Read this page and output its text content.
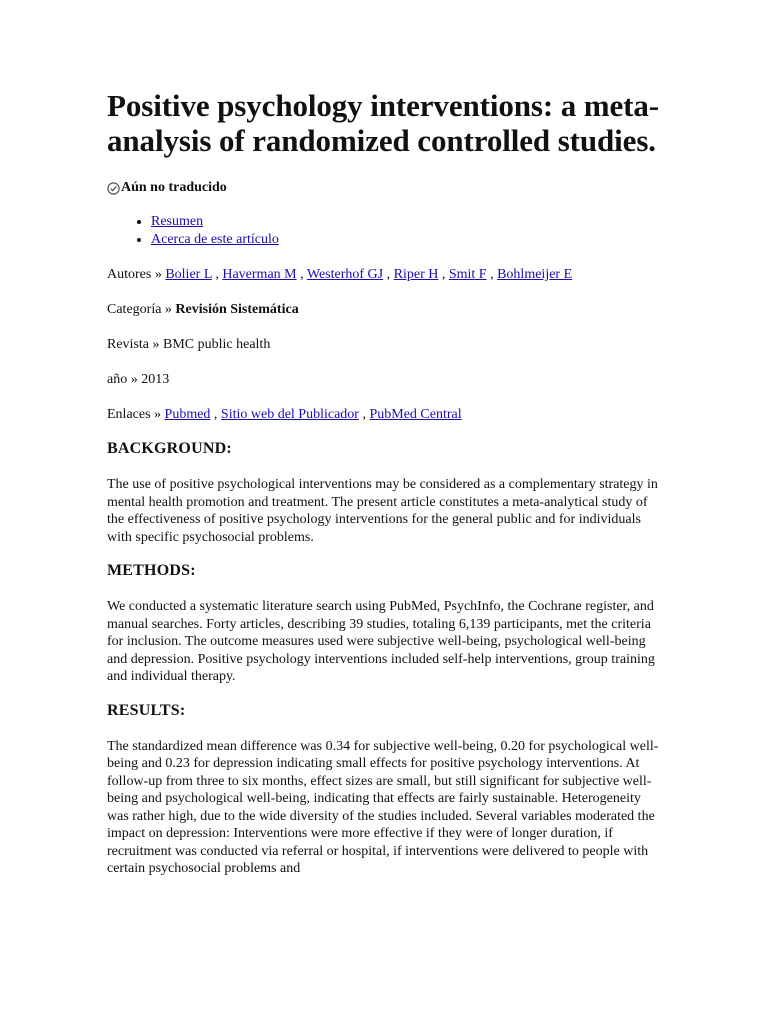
Positive psychology interventions: a meta-analysis of randomized controlled studies.
Aún no traducido
• Resumen
• Acerca de este artículo

Autores » Bolier L , Haverman M , Westerhof GJ , Riper H , Smit F , Bohlmeijer E

Categoría » Revisión Sistemática

Revista » BMC public health

año » 2013

Enlaces » Pubmed , Sitio web del Publicador , PubMed Central

BACKGROUND:

The use of positive psychological interventions may be considered as a complementary strategy in mental health promotion and treatment. The present article constitutes a meta-analytical study of the effectiveness of positive psychology interventions for the general public and for individuals with specific psychosocial problems.

METHODS:

We conducted a systematic literature search using PubMed, PsychInfo, the Cochrane register, and manual searches. Forty articles, describing 39 studies, totaling 6,139 participants, met the criteria for inclusion. The outcome measures used were subjective well-being, psychological well-being and depression. Positive psychology interventions included self-help interventions, group training and individual therapy.

RESULTS:

The standardized mean difference was 0.34 for subjective well-being, 0.20 for psychological well-being and 0.23 for depression indicating small effects for positive psychology interventions. At follow-up from three to six months, effect sizes are small, but still significant for subjective well-being and psychological well-being, indicating that effects are fairly sustainable. Heterogeneity was rather high, due to the wide diversity of the studies included. Several variables moderated the impact on depression: Interventions were more effective if they were of longer duration, if recruitment was conducted via referral or hospital, if interventions were delivered to people with certain psychosocial problems and
